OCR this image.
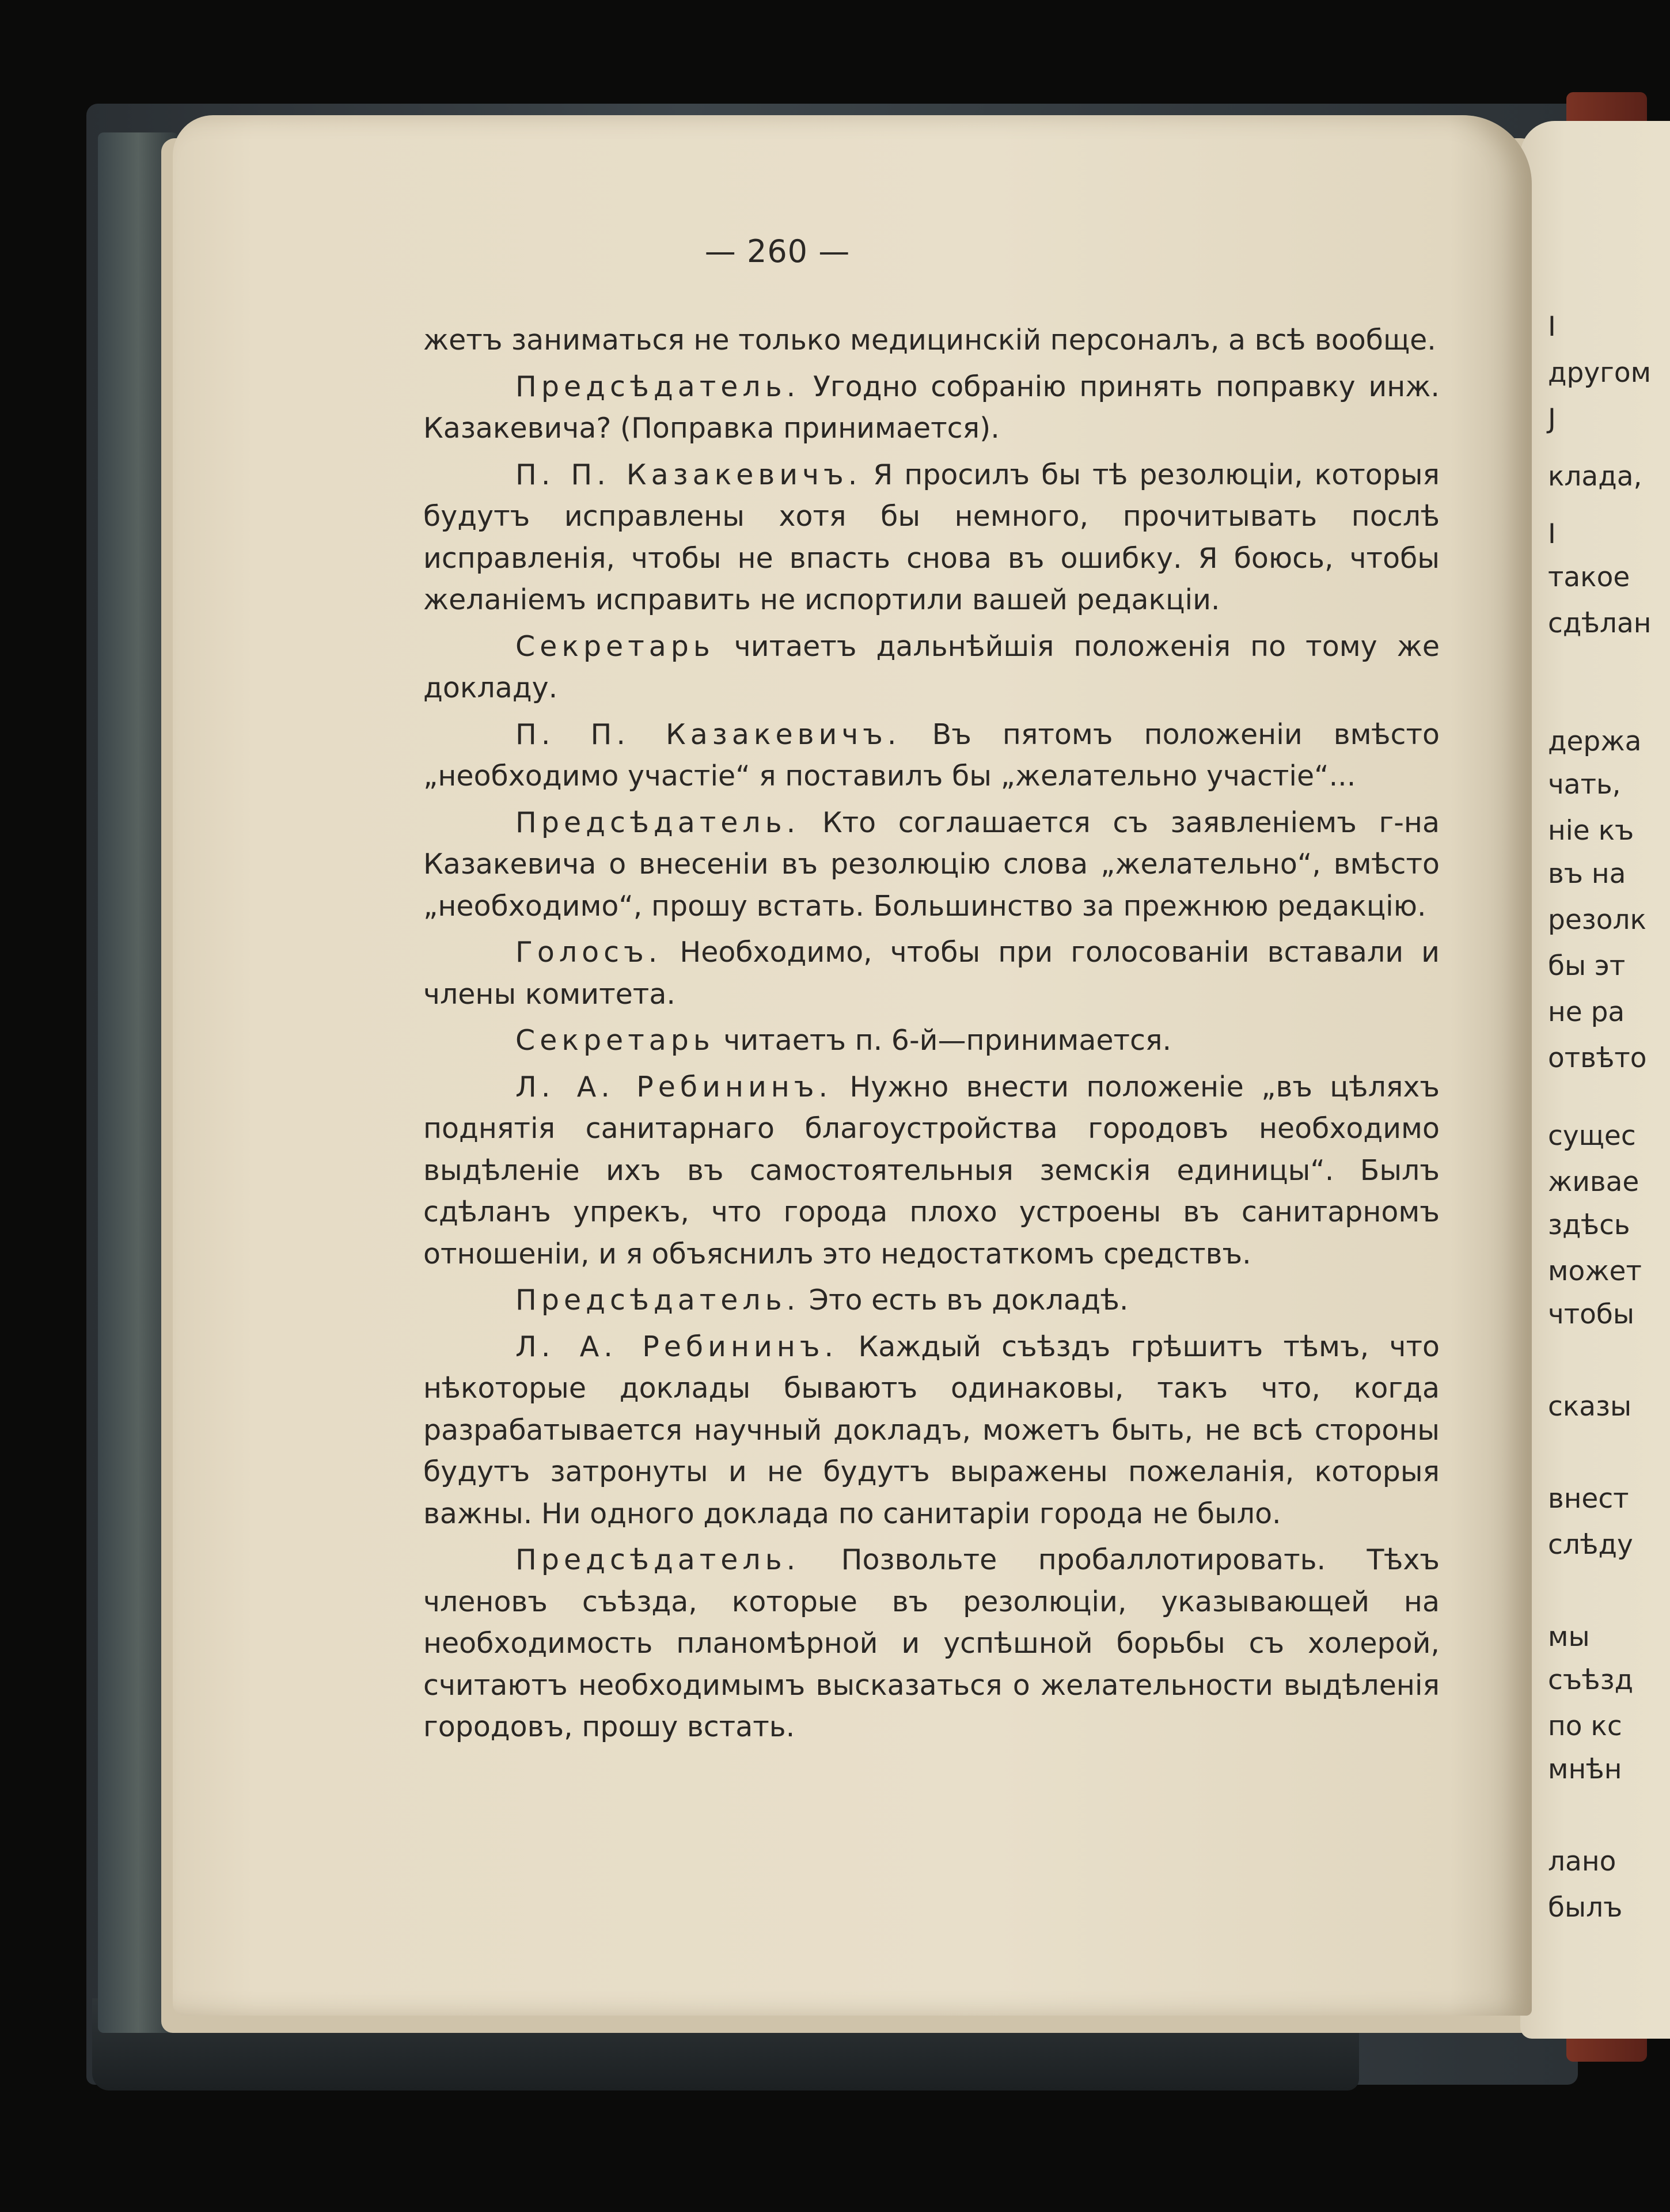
— 260 —

жетъ заниматься не только медицинскій персоналъ, а всѣ вообще.

Предсѣдатель. Угодно собранію принять поправку инж. Казакевича? (Поправка принимается).

П. П. Казакевичъ. Я просилъ бы тѣ резолюціи, которыя будутъ исправлены хотя бы немного, прочитывать послѣ исправленія, чтобы не впасть снова въ ошибку. Я боюсь, чтобы желаніемъ исправить не испортили вашей редакціи.

Секретарь читаетъ дальнѣйшія положенія по тому же докладу.

П. П. Казакевичъ. Въ пятомъ положеніи вмѣсто „необходимо участіе“ я поставилъ бы „желательно участіе“...

Предсѣдатель. Кто соглашается съ заявленіемъ г-на Казакевича о внесеніи въ резолюцію слова „желательно“, вмѣсто „необходимо“, прошу встать. Большинство за прежнюю редакцію.

Голосъ. Необходимо, чтобы при голосованіи вставали и члены комитета.

Секретарь читаетъ п. 6-й—принимается.

Л. А. Ребининъ. Нужно внести положеніе „въ цѣляхъ поднятія санитарнаго благоустройства городовъ необходимо выдѣленіе ихъ въ самостоятельныя земскія единицы“. Былъ сдѣланъ упрекъ, что города плохо устроены въ санитарномъ отношеніи, и я объяснилъ это недостаткомъ средствъ.

Предсѣдатель. Это есть въ докладѣ.

Л. А. Ребининъ. Каждый съѣздъ грѣшитъ тѣмъ, что нѣкоторые доклады бываютъ одинаковы, такъ что, когда разрабатывается научный докладъ, можетъ быть, не всѣ стороны будутъ затронуты и не будутъ выражены пожеланія, которыя важны. Ни одного доклада по санитаріи города не было.

Предсѣдатель. Позвольте пробаллотировать. Тѣхъ членовъ съѣзда, которые въ резолюціи, указывающей на необходимость планомѣрной и успѣшной борьбы съ холерой, считаютъ необходимымъ высказаться о желательности выдѣленія городовъ, прошу встать.

I
другом
J
клада,
I
такое
сдѣлан
держа
чать,
ніе къ
въ на
резолк
бы эт
не ра
отвѣто
сущес
живае
здѣсь
может
чтобы
сказы
внест
слѣду
мы
съѣзд
по кс
мнѣн
лано
былъ
